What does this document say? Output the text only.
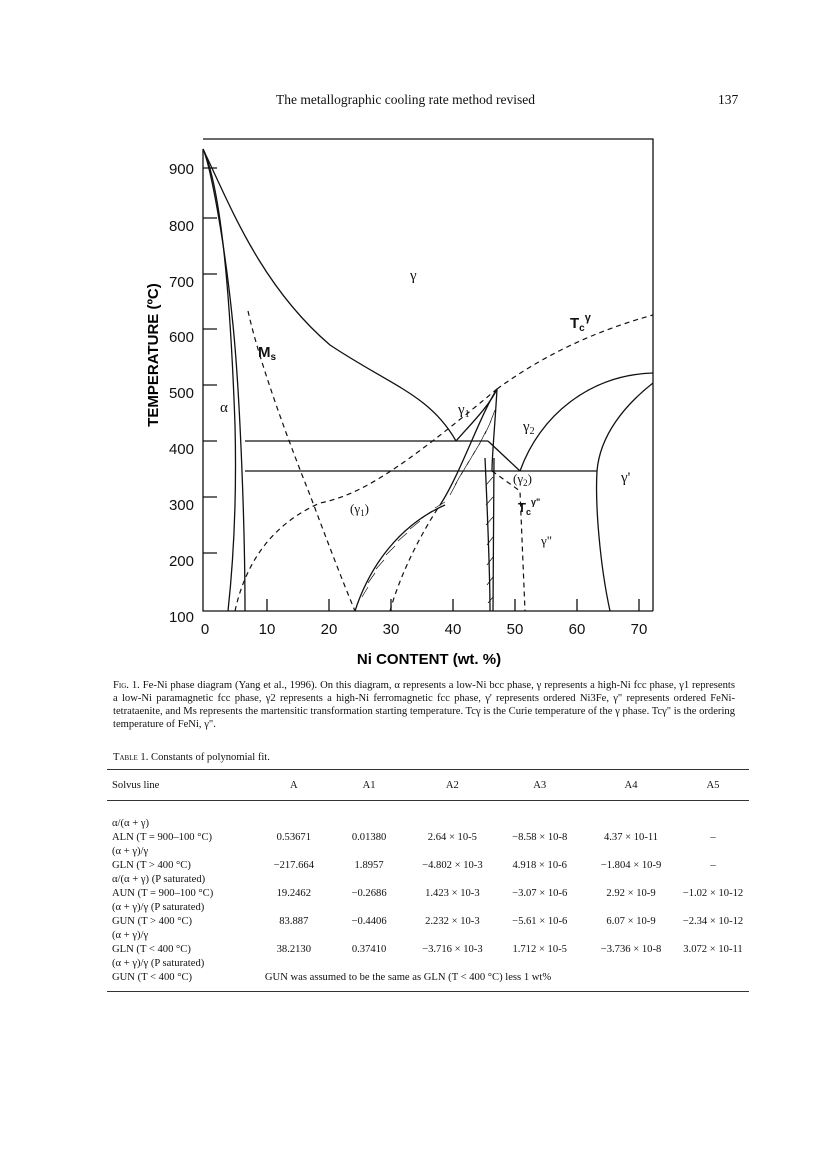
The metallographic cooling rate method revised	137
900
800
700
600
500
400
300
200
100
0	10	20	30	40	50	60	70
Ni CONTENT (wt. %)
TEMPERATURE (ºC)
γ
α
$M_s$
$\gamma_1$
$\gamma_2$
γ'
$T_c^\gamma$
$(\gamma_1)$
$(\gamma_2)$
$T_c^{\gamma"}$
γ"
Fig. 1. Fe-Ni phase diagram (Yang et al., 1996). On this diagram, α represents a low-Ni bcc phase, γ represents a high-Ni fcc phase, γ1 represents a low-Ni paramagnetic fcc phase, γ2 represents a high-Ni ferromagnetic fcc phase, γ' represents ordered Ni3Fe, γ" represents ordered FeNi-tetrataenite, and Ms represents the martensitic transformation starting temperature. Tcγ is the Curie temperature of the γ phase. Tcγ" is the ordering temperature of FeNi, γ".
Table 1. Constants of polynomial fit.
Solvus line	A	A1	A2	A3	A4	A5
α/(α + γ)						
ALN (T = 900–100 °C)	0.53671	0.01380	2.64 × 10-5	−8.58 × 10-8	4.37 × 10-11	–
(α + γ)/γ						
GLN (T > 400 °C)	−217.664	1.8957	−4.802 × 10-3	4.918 × 10-6	−1.804 × 10-9	–
α/(α + γ) (P saturated)						
AUN (T = 900–100 °C)	19.2462	−0.2686	1.423 × 10-3	−3.07 × 10-6	2.92 × 10-9	−1.02 × 10-12
(α + γ)/γ (P saturated)						
GUN (T > 400 °C)	83.887	−0.4406	2.232 × 10-3	−5.61 × 10-6	6.07 × 10-9	−2.34 × 10-12
(α + γ)/γ						
GLN (T < 400 °C)	38.2130	0.37410	−3.716 × 10-3	1.712 × 10-5	−3.736 × 10-8	3.072 × 10-11
(α + γ)/γ (P saturated)						
GUN (T < 400 °C)	GUN was assumed to be the same as GLN (T < 400 °C) less 1 wt%					
